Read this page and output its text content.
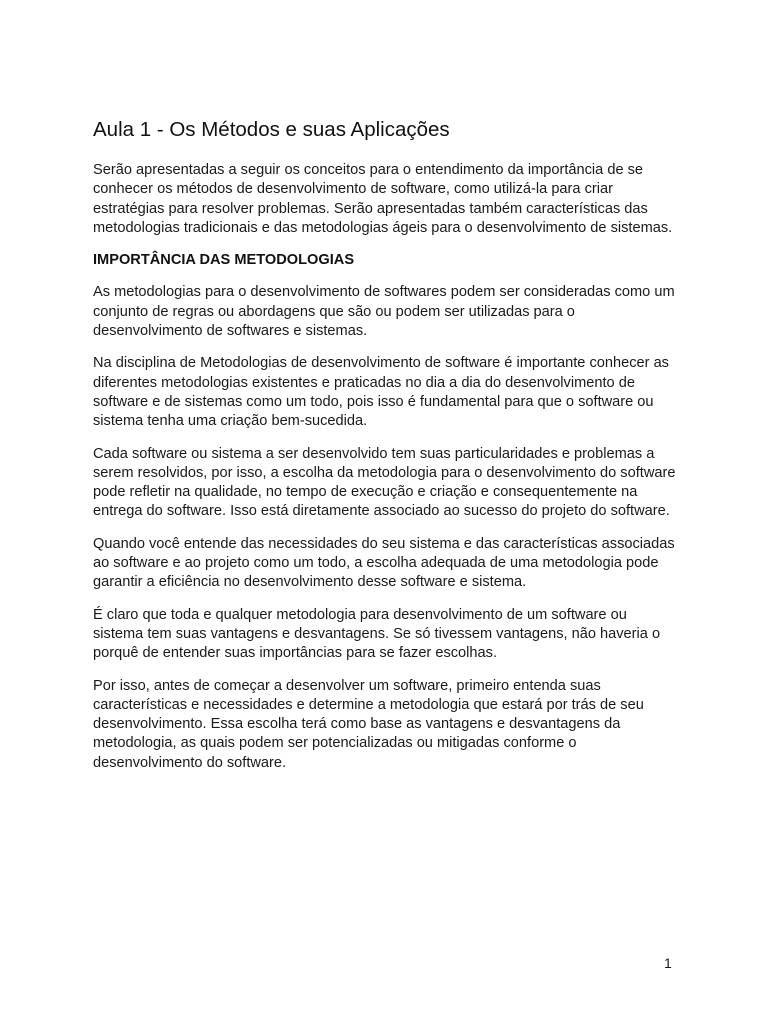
Aula 1 - Os Métodos e suas Aplicações

Serão apresentadas a seguir os conceitos para o entendimento da importância de se conhecer os métodos de desenvolvimento de software, como utilizá-la para criar estratégias para resolver problemas. Serão apresentadas também características das metodologias tradicionais e das metodologias ágeis para o desenvolvimento de sistemas.

IMPORTÂNCIA DAS METODOLOGIAS

As metodologias para o desenvolvimento de softwares podem ser consideradas como um conjunto de regras ou abordagens que são ou podem ser utilizadas para o desenvolvimento de softwares e sistemas.

Na disciplina de Metodologias de desenvolvimento de software é importante conhecer as diferentes metodologias existentes e praticadas no dia a dia do desenvolvimento de software e de sistemas como um todo, pois isso é fundamental para que o software ou sistema tenha uma criação bem-sucedida.

Cada software ou sistema a ser desenvolvido tem suas particularidades e problemas a serem resolvidos, por isso, a escolha da metodologia para o desenvolvimento do software pode refletir na qualidade, no tempo de execução e criação e consequentemente na entrega do software. Isso está diretamente associado ao sucesso do projeto do software.

Quando você entende das necessidades do seu sistema e das características associadas ao software e ao projeto como um todo, a escolha adequada de uma metodologia pode garantir a eficiência no desenvolvimento desse software e sistema.

É claro que toda e qualquer metodologia para desenvolvimento de um software ou sistema tem suas vantagens e desvantagens. Se só tivessem vantagens, não haveria o porquê de entender suas importâncias para se fazer escolhas.

Por isso, antes de começar a desenvolver um software, primeiro entenda suas características e necessidades e determine a metodologia que estará por trás de seu desenvolvimento. Essa escolha terá como base as vantagens e desvantagens da metodologia, as quais podem ser potencializadas ou mitigadas conforme o desenvolvimento do software.

1
